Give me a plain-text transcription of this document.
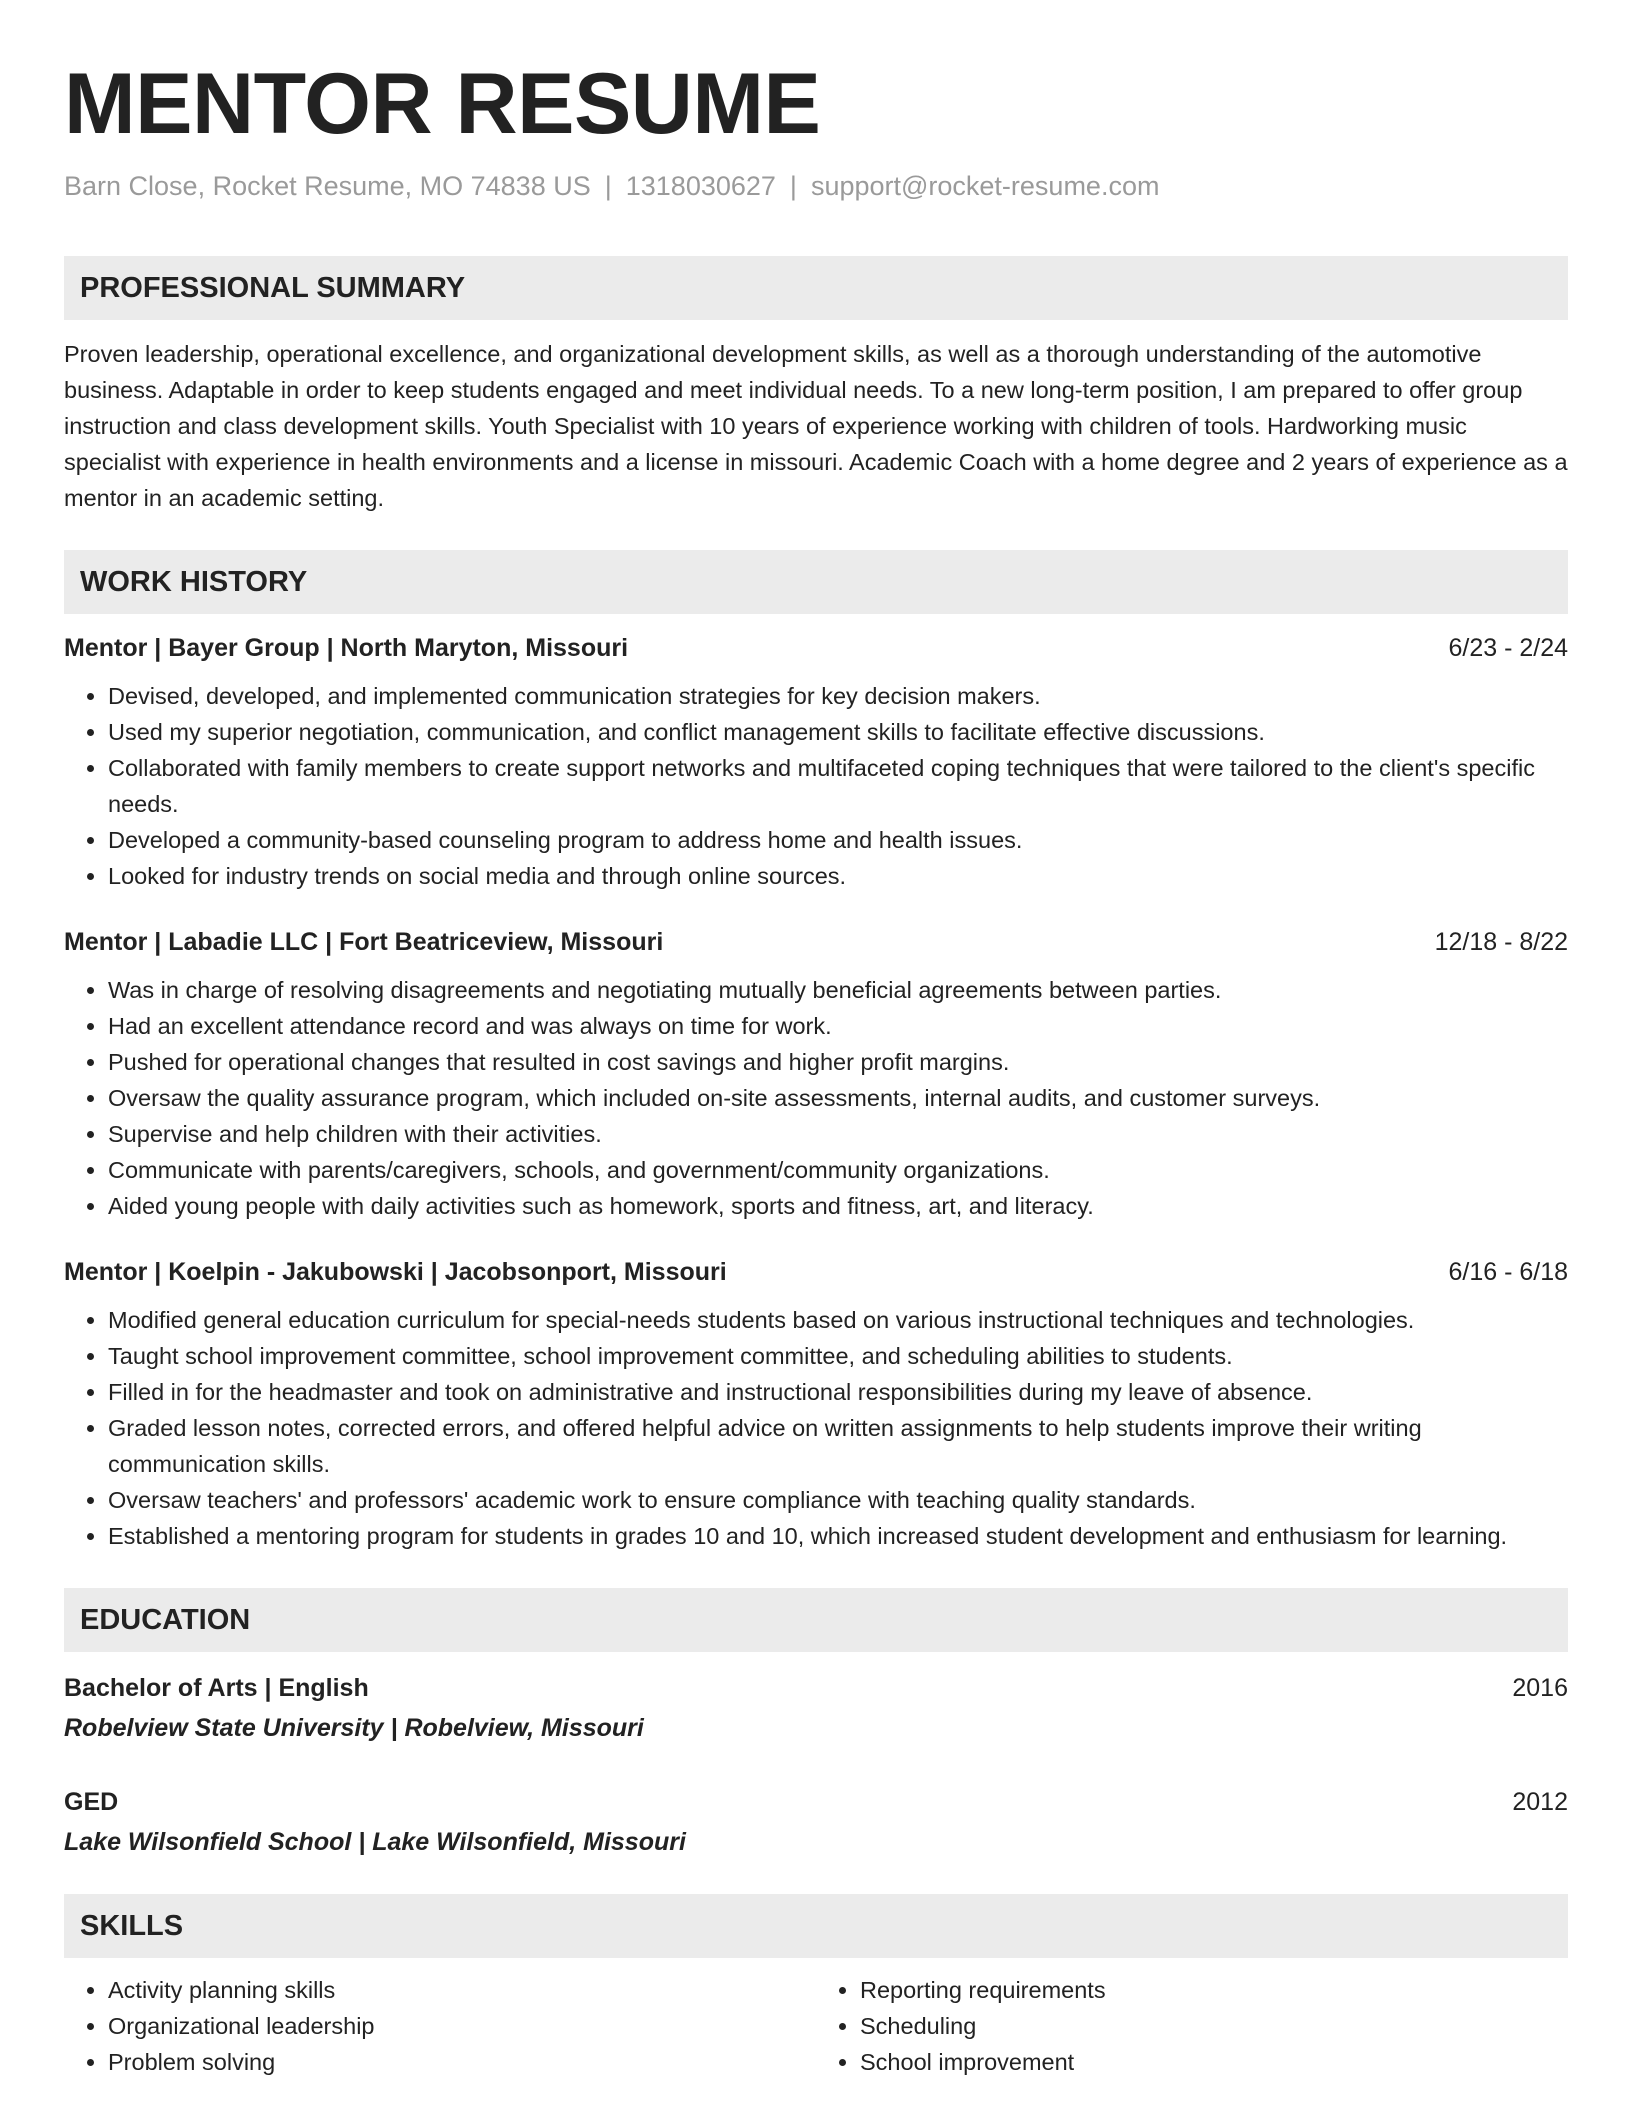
MENTOR RESUME
Barn Close, Rocket Resume, MO 74838 US | 1318030627 | support@rocket-resume.com
PROFESSIONAL SUMMARY
Proven leadership, operational excellence, and organizational development skills, as well as a thorough understanding of the automotive business. Adaptable in order to keep students engaged and meet individual needs. To a new long-term position, I am prepared to offer group instruction and class development skills. Youth Specialist with 10 years of experience working with children of tools. Hardworking music specialist with experience in health environments and a license in missouri. Academic Coach with a home degree and 2 years of experience as a mentor in an academic setting.
WORK HISTORY
Mentor | Bayer Group | North Maryton, Missouri	6/23 - 2/24
• Devised, developed, and implemented communication strategies for key decision makers.
• Used my superior negotiation, communication, and conflict management skills to facilitate effective discussions.
• Collaborated with family members to create support networks and multifaceted coping techniques that were tailored to the client's specific needs.
• Developed a community-based counseling program to address home and health issues.
• Looked for industry trends on social media and through online sources.
Mentor | Labadie LLC | Fort Beatriceview, Missouri	12/18 - 8/22
• Was in charge of resolving disagreements and negotiating mutually beneficial agreements between parties.
• Had an excellent attendance record and was always on time for work.
• Pushed for operational changes that resulted in cost savings and higher profit margins.
• Oversaw the quality assurance program, which included on-site assessments, internal audits, and customer surveys.
• Supervise and help children with their activities.
• Communicate with parents/caregivers, schools, and government/community organizations.
• Aided young people with daily activities such as homework, sports and fitness, art, and literacy.
Mentor | Koelpin - Jakubowski | Jacobsonport, Missouri	6/16 - 6/18
• Modified general education curriculum for special-needs students based on various instructional techniques and technologies.
• Taught school improvement committee, school improvement committee, and scheduling abilities to students.
• Filled in for the headmaster and took on administrative and instructional responsibilities during my leave of absence.
• Graded lesson notes, corrected errors, and offered helpful advice on written assignments to help students improve their writing communication skills.
• Oversaw teachers' and professors' academic work to ensure compliance with teaching quality standards.
• Established a mentoring program for students in grades 10 and 10, which increased student development and enthusiasm for learning.
EDUCATION
Bachelor of Arts | English	2016
Robelview State University | Robelview, Missouri
GED	2012
Lake Wilsonfield School | Lake Wilsonfield, Missouri
SKILLS
• Activity planning skills
• Organizational leadership
• Problem solving
• Reporting requirements
• Scheduling
• School improvement
